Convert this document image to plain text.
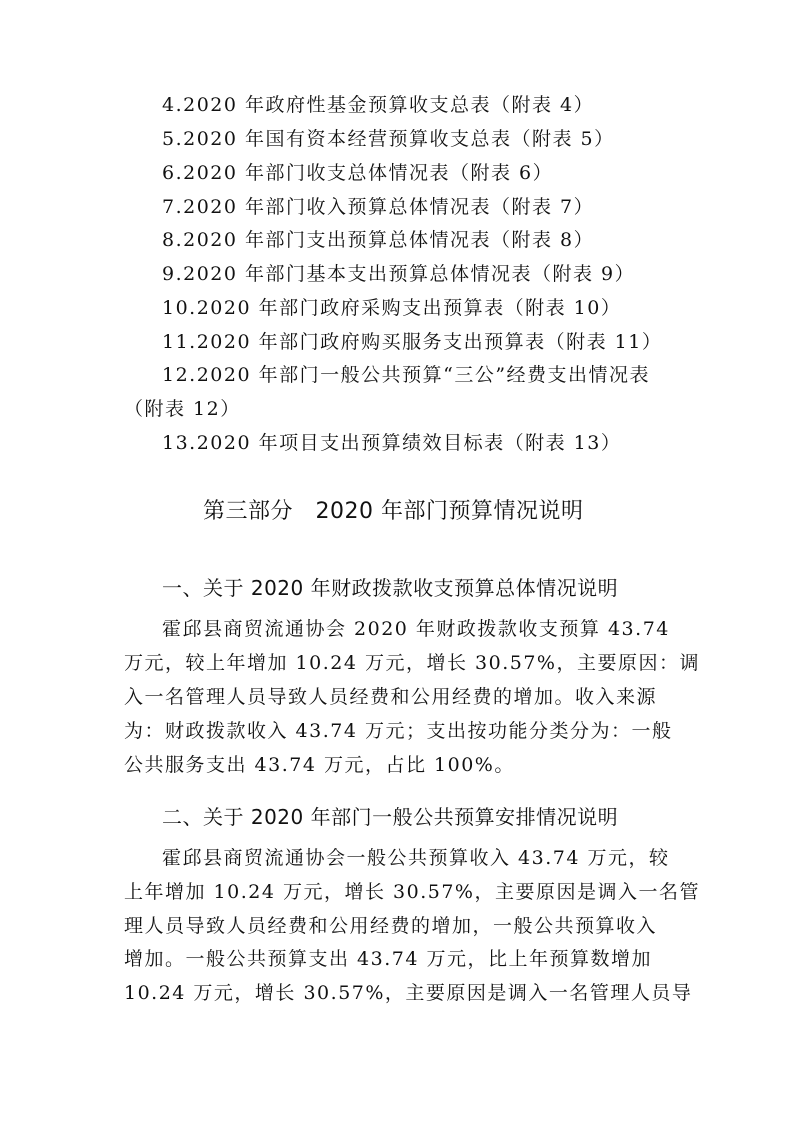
4.2020 年政府性基金预算收支总表（附表 4）
5.2020 年国有资本经营预算收支总表（附表 5）
6.2020 年部门收支总体情况表（附表 6）
7.2020 年部门收入预算总体情况表（附表 7）
8.2020 年部门支出预算总体情况表（附表 8）
9.2020 年部门基本支出预算总体情况表（附表 9）
10.2020 年部门政府采购支出预算表（附表 10）
11.2020 年部门政府购买服务支出预算表（附表 11）
12.2020 年部门一般公共预算“三公”经费支出情况表
（附表 12）
13.2020 年项目支出预算绩效目标表（附表 13）
第三部分　2020 年部门预算情况说明
一、关于 2020 年财政拨款收支预算总体情况说明
霍邱县商贸流通协会 2020 年财政拨款收支预算 43.74
万元，较上年增加 10.24 万元，增长 30.57%，主要原因：调
入一名管理人员导致人员经费和公用经费的增加。收入来源
为：财政拨款收入 43.74 万元；支出按功能分类分为：一般
公共服务支出 43.74 万元，占比 100%。
二、关于 2020 年部门一般公共预算安排情况说明
霍邱县商贸流通协会一般公共预算收入 43.74 万元，较
上年增加 10.24 万元，增长 30.57%，主要原因是调入一名管
理人员导致人员经费和公用经费的增加，一般公共预算收入
增加。一般公共预算支出 43.74 万元，比上年预算数增加
10.24 万元，增长 30.57%，主要原因是调入一名管理人员导
